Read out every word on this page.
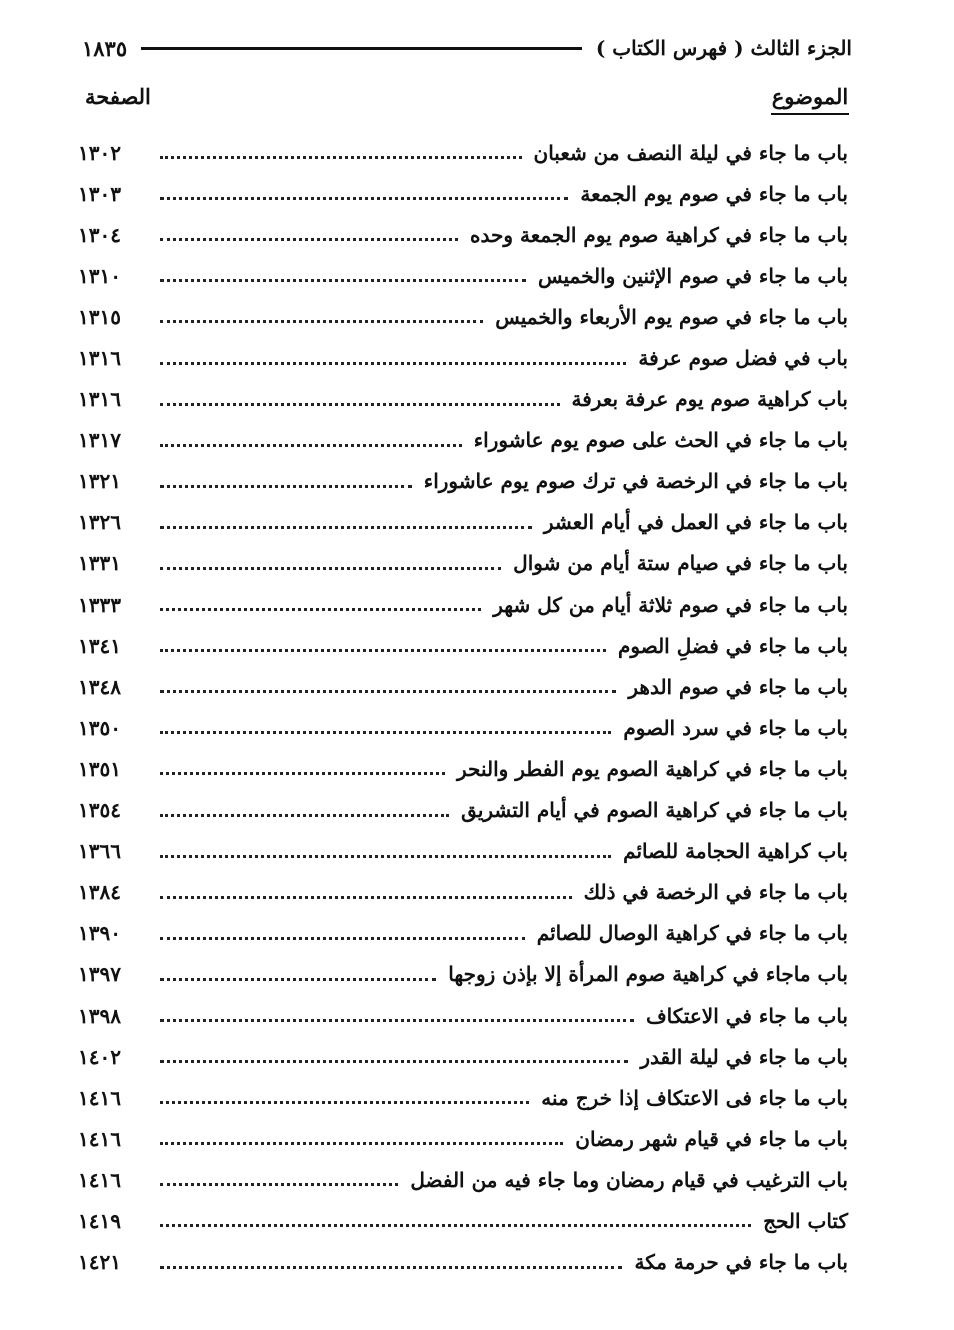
الجزء الثالث ( فهرس الكتاب )
١٨٣٥
الموضوع
الصفحة
باب ما جاء في ليلة النصف من شعبان
١٣٠٢
باب ما جاء في صوم يوم الجمعة
١٣٠٣
باب ما جاء في كراهية صوم يوم الجمعة وحده
١٣٠٤
باب ما جاء في صوم الإثنين والخميس
١٣١٠
باب ما جاء في صوم يوم الأربعاء والخميس
١٣١٥
باب في فضل صوم عرفة
١٣١٦
باب كراهية صوم يوم عرفة بعرفة
١٣١٦
باب ما جاء في الحث على صوم يوم عاشوراء
١٣١٧
باب ما جاء في الرخصة في ترك صوم يوم عاشوراء
١٣٢١
باب ما جاء في العمل في أيام العشر
١٣٢٦
باب ما جاء في صيام ستة أيام من شوال
١٣٣١
باب ما جاء في صوم ثلاثة أيام من كل شهر
١٣٣٣
باب ما جاء في فضلِ الصوم
١٣٤١
باب ما جاء في صوم الدهر
١٣٤٨
باب ما جاء في سرد الصوم
١٣٥٠
باب ما جاء في كراهية الصوم يوم الفطر والنحر
١٣٥١
باب ما جاء في كراهية الصوم في أيام التشريق
١٣٥٤
باب كراهية الحجامة للصائم
١٣٦٦
باب ما جاء في الرخصة في ذلك
١٣٨٤
باب ما جاء في كراهية الوصال للصائم
١٣٩٠
باب ماجاء في كراهية صوم المرأة إلا بإذن زوجها
١٣٩٧
باب ما جاء في الاعتكاف
١٣٩٨
باب ما جاء في ليلة القدر
١٤٠٢
باب ما جاء فى الاعتكاف إذا خرج منه
١٤١٦
باب ما جاء في قيام شهر رمضان
١٤١٦
باب الترغيب في قيام رمضان وما جاء فيه من الفضل
١٤١٦
كتاب الحج
١٤١٩
باب ما جاء في حرمة مكة
١٤٢١
